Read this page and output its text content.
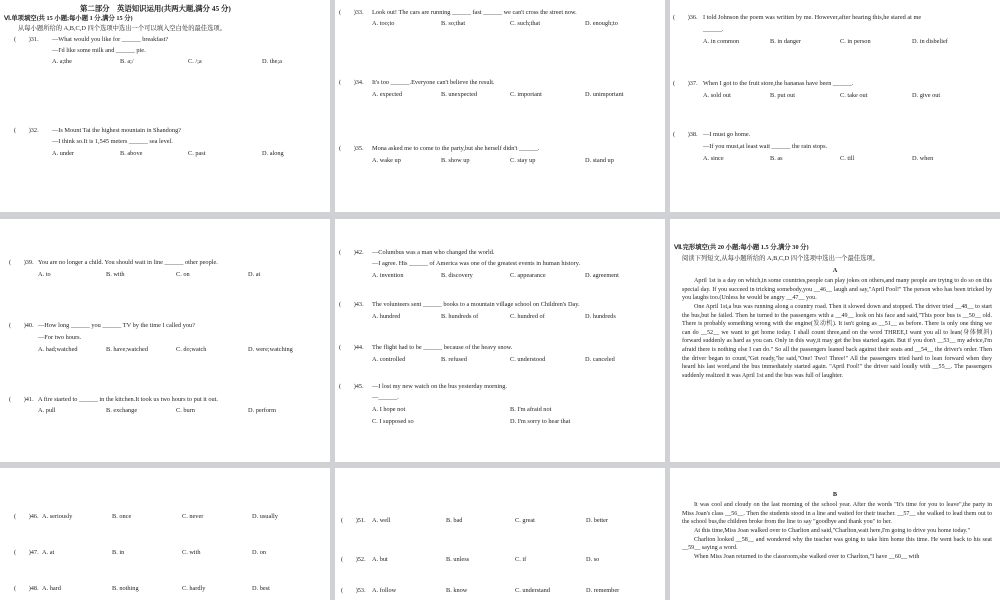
第二部分　英语知识运用(共两大题,满分 45 分)
Ⅵ.单项填空(共 15 小题;每小题 1 分,满分 15 分)
从每小题所给的 A,B,C,D 四个选项中选出一个可以填入空白处的最佳选项。
(　　)31. —What would you like for ______ breakfast?
—I'd like some milk and ______ pie.
A. a;the	B. a;/	C. /;a	D. the;a
(　　)32. —Is Mount Tai the highest mountain in Shandong?
—I think so.It is 1,545 meters ______ sea level.
A. under	B. above	C. past	D. along
(　　)33. Look out! The cars are running ______ fast ______ we can't cross the street now.
A. too;to	B. so;that	C. such;that	D. enough;to
(　　)34. It's too ______.Everyone can't believe the result.
A. expected	B. unexpected	C. important	D. unimportant
(　　)35. Mona asked me to come to the party,but she herself didn't ______.
A. wake up	B. show up	C. stay up	D. stand up
(　　)36. I told Johnson the poem was written by me. However,after hearing this,he stared at me
______.
A. in common	B. in danger	C. in person	D. in disbelief
(　　)37. When I got to the fruit store,the bananas have been ______.
A. sold out	B. put out	C. take out	D. give out
(　　)38. —I must go home.
—If you must,at least wait ______ the rain stops.
A. since	B. as	C. till	D. when
(　　)39. You are no longer a child. You should wait in line ______ other people.
A. to	B. with	C. on	D. at
(　　)40. —How long ______ you ______ TV by the time I called you?
—For two hours.
A. had;watched	B. have;watched	C. do;watch	D. were;watching
(　　)41. A fire started to ______ in the kitchen.It took us two hours to put it out.
A. pull	B. exchange	C. burn	D. perform
(　　)42. —Columbus was a man who changed the world.
—I agree. His ______ of America was one of the greatest events in human history.
A. invention	B. discovery	C. appearance	D. agreement
(　　)43. The volunteers sent ______ books to a mountain village school on Children's Day.
A. hundred	B. hundreds of	C. hundred of	D. hundreds
(　　)44. The flight had to be ______ because of the heavy snow.
A. controlled	B. refused	C. understood	D. canceled
(　　)45. —I lost my new watch on the bus yesterday morning.
—______.
A. I hope not	B. I'm afraid not
C. I supposed so	D. I'm sorry to hear that
Ⅶ.完形填空(共 20 小题;每小题 1.5 分,满分 30 分)
阅读下列短文,从每小题所给的 A,B,C,D 四个选项中选出一个最佳选项。
A

April 1st is a day on which,in some countries,people can play jokes on others,and many people are trying to do so on this special day. If you succeed in tricking somebody,you __46__ laugh and say,"April Fool!" The person who has been tricked by you laughs too.(Unless he would be angry __47__ you.

One April 1st,a bus was running along a country road. Then it slowed down and stopped. The driver tried __48__ to start the bus,but he failed. Then he turned to the passengers with a __49__ look on his face and said,"This poor bus is __50__ old. There is probably something wrong with the engine(发动机). It isn't going as __51__ as before. There is only one thing we can do __52__ we want to get home today. I shall count three,and on the word THREE,I want you all to lean(身体倾斜) forward suddenly as hard as you can. Only in this way,it may get the bus started again. But if you don't __53__ my advice,I'm afraid there is nothing else I can do." So all the passengers leaned back against their seats and __54__ the driver's order. Then the driver began to count,"Get ready,"he said,"One! Two! Three!" All the passengers tried hard to lean forward when they heard his last word,and the bus immediately started again. "April Fool!" the driver said loudly with __55__. The passengers suddenly realized it was April 1st and the bus was full of laughter.

(　　)46. A. seriously	B. once	C. never	D. usually
(　　)47. A. at	B. in	C. with	D. on
(　　)48. A. hard	B. nothing	C. hardly	D. best
(　　)51. A. well	B. bad	C. great	D. better
(　　)52. A. but	B. unless	C. if	D. so
(　　)53. A. follow	B. know	C. understand	D. remember
B

It was cool and cloudy on the last morning of the school year. After the words "It's time for you to leave",the party in Miss Joan's class __56__. Then the students stood in a line and waited for their teacher. __57__ she walked to lead them out to the school bus,the children broke from the line to say "goodbye and thank you" to her.

At this time,Miss Joan walked over to Charlton and said,"Charlton,wait here,I'm going to drive you home today."

Charlton looked __58__ and wondered why the teacher was going to take him home this time. He went back to his seat __59__ saying a word.

When Miss Joan returned to the classroom,she walked over to Charlton,"I have __60__ with
